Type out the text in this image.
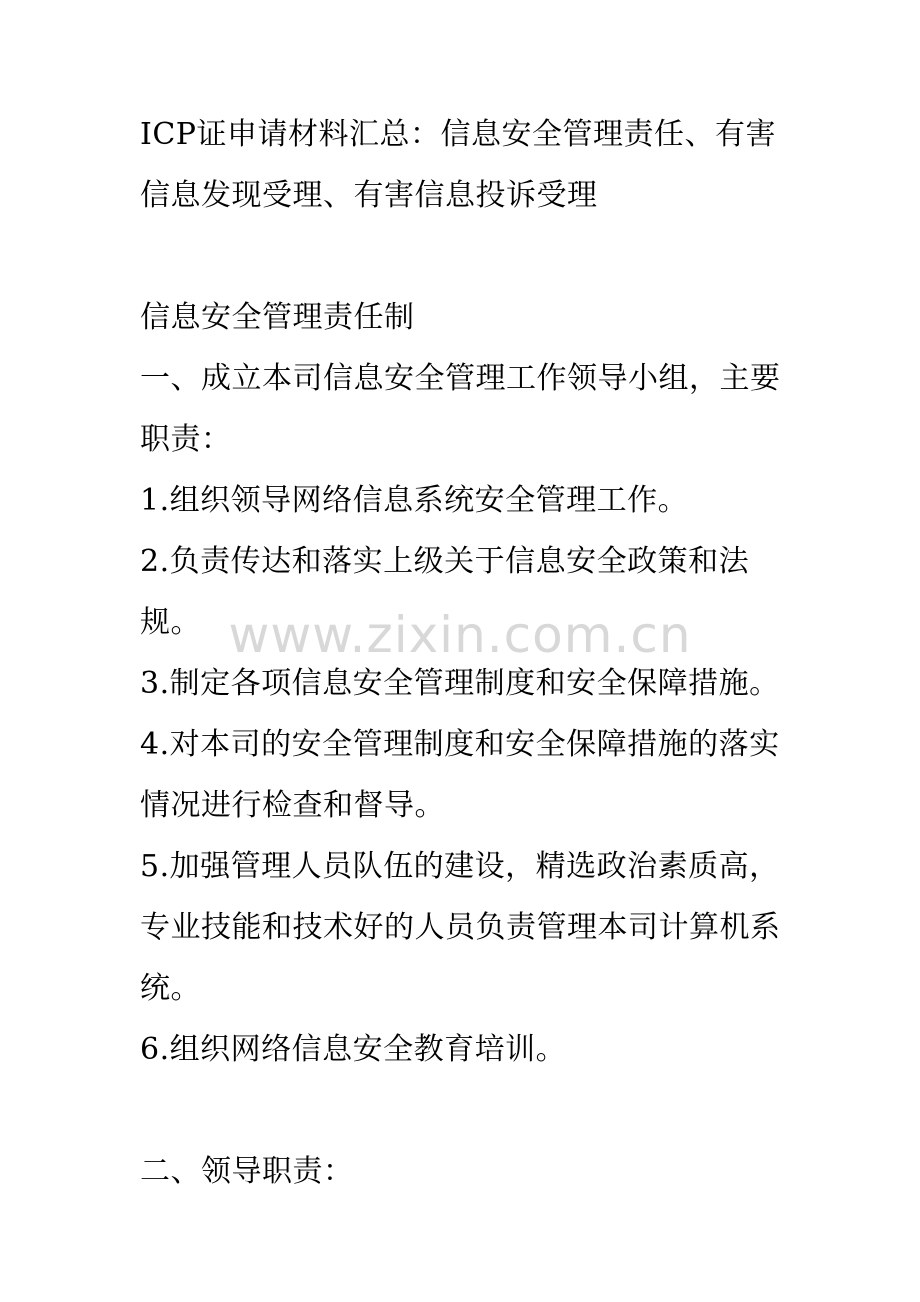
ICP证申请材料汇总：信息安全管理责任、有害信息发现受理、有害信息投诉受理

信息安全管理责任制

一、成立本司信息安全管理工作领导小组，主要职责：

1.组织领导网络信息系统安全管理工作。

2.负责传达和落实上级关于信息安全政策和法规。

3.制定各项信息安全管理制度和安全保障措施。

4.对本司的安全管理制度和安全保障措施的落实情况进行检查和督导。

5.加强管理人员队伍的建设，精选政治素质高，专业技能和技术好的人员负责管理本司计算机系统。

6.组织网络信息安全教育培训。

二、领导职责：

www.zixin.com.cn
